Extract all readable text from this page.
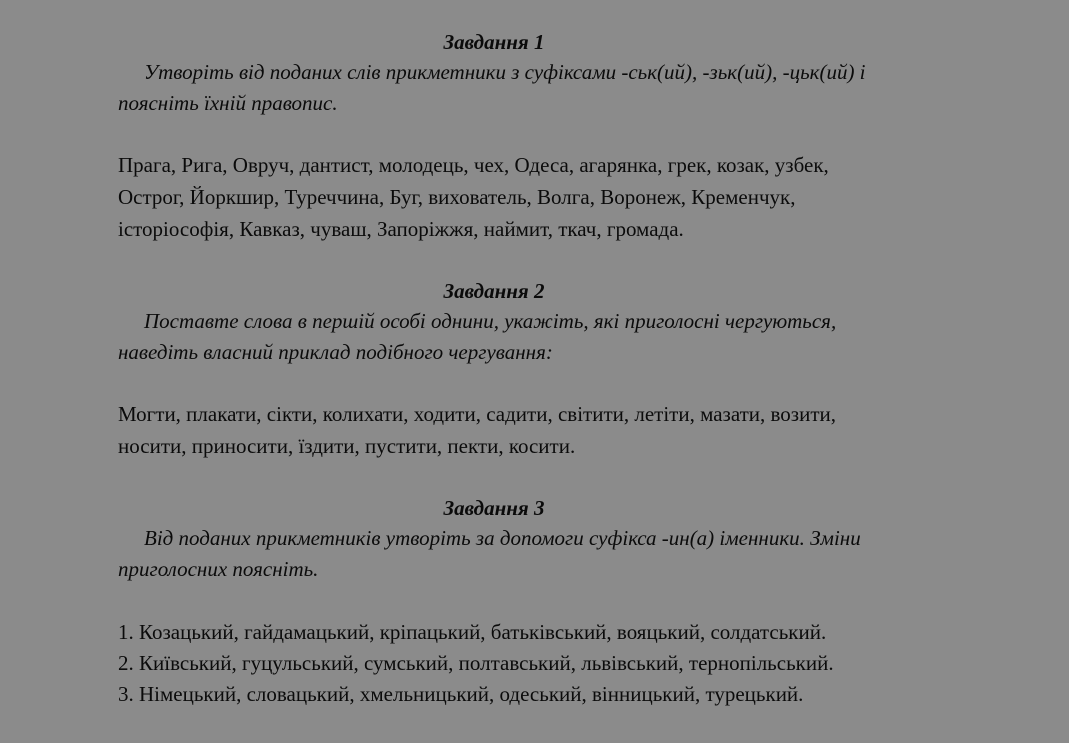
Завдання 1

Утворіть від поданих слів прикметники з суфіксами -ськ(ий), -зьк(ий), -цьк(ий) і

поясніть їхній правопис.

Прага, Рига, Овруч, дантист, молодець, чех, Одеса, агарянка, грек, козак, узбек,

Острог, Йоркшир, Туреччина, Буг, вихователь, Волга, Воронеж, Кременчук,

історіософія, Кавказ, чуваш, Запоріжжя, наймит, ткач, громада.

Завдання 2

Поставте слова в першій особі однини, укажіть, які приголосні чергуються,

наведіть власний приклад подібного чергування:

Могти, плакати, сікти, колихати, ходити, садити, світити, летіти, мазати, возити,

носити, приносити, їздити, пустити, пекти, косити.

Завдання 3

Від поданих прикметників утворіть за допомоги суфікса -ин(а) іменники. Зміни

приголосних поясніть.

1. Козацький, гайдамацький, кріпацький, батьківський, вояцький, солдатський.
2. Київський, гуцульський, сумський, полтавський, львівський, тернопільський.
3. Німецький, словацький, хмельницький, одеський, вінницький, турецький.
